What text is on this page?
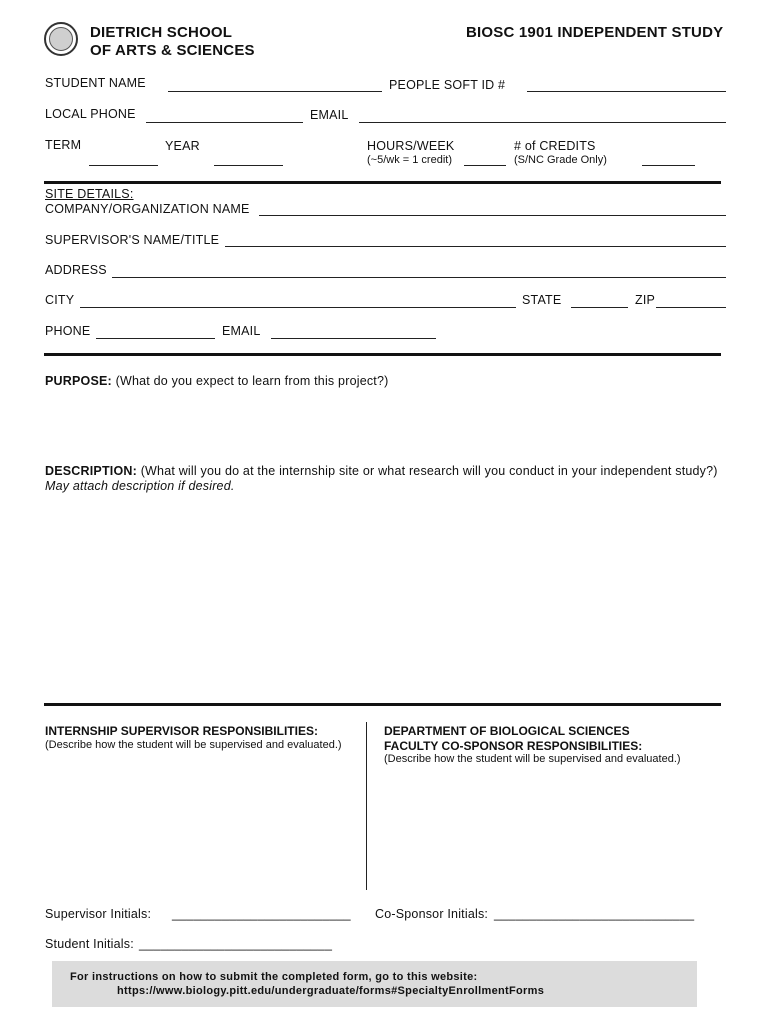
DIETRICH SCHOOL
OF ARTS & SCIENCES
BIOSC 1901 INDEPENDENT STUDY
STUDENT NAME	PEOPLE SOFT ID #
LOCAL PHONE	EMAIL
TERM	YEAR	HOURS/WEEK
(~5/wk = 1 credit)
# of CREDITS
(S/NC Grade Only)
SITE DETAILS:
COMPANY/ORGANIZATION NAME
SUPERVISOR'S NAME/TITLE
ADDRESS
CITY	STATE	ZIP
PHONE	EMAIL
PURPOSE: (What do you expect to learn from this project?)
DESCRIPTION: (What will you do at the internship site or what research will you conduct in your independent study?)
May attach description if desired.
INTERNSHIP SUPERVISOR RESPONSIBILITIES:
(Describe how the student will be supervised and evaluated.)
DEPARTMENT OF BIOLOGICAL SCIENCES
FACULTY CO-SPONSOR RESPONSIBILITIES:
(Describe how the student will be supervised and evaluated.)
Supervisor Initials: _________________________ Co-Sponsor Initials: ____________________________
Student Initials: ___________________________
For instructions on how to submit the completed form, go to this website:
https://www.biology.pitt.edu/undergraduate/forms#SpecialtyEnrollmentForms
